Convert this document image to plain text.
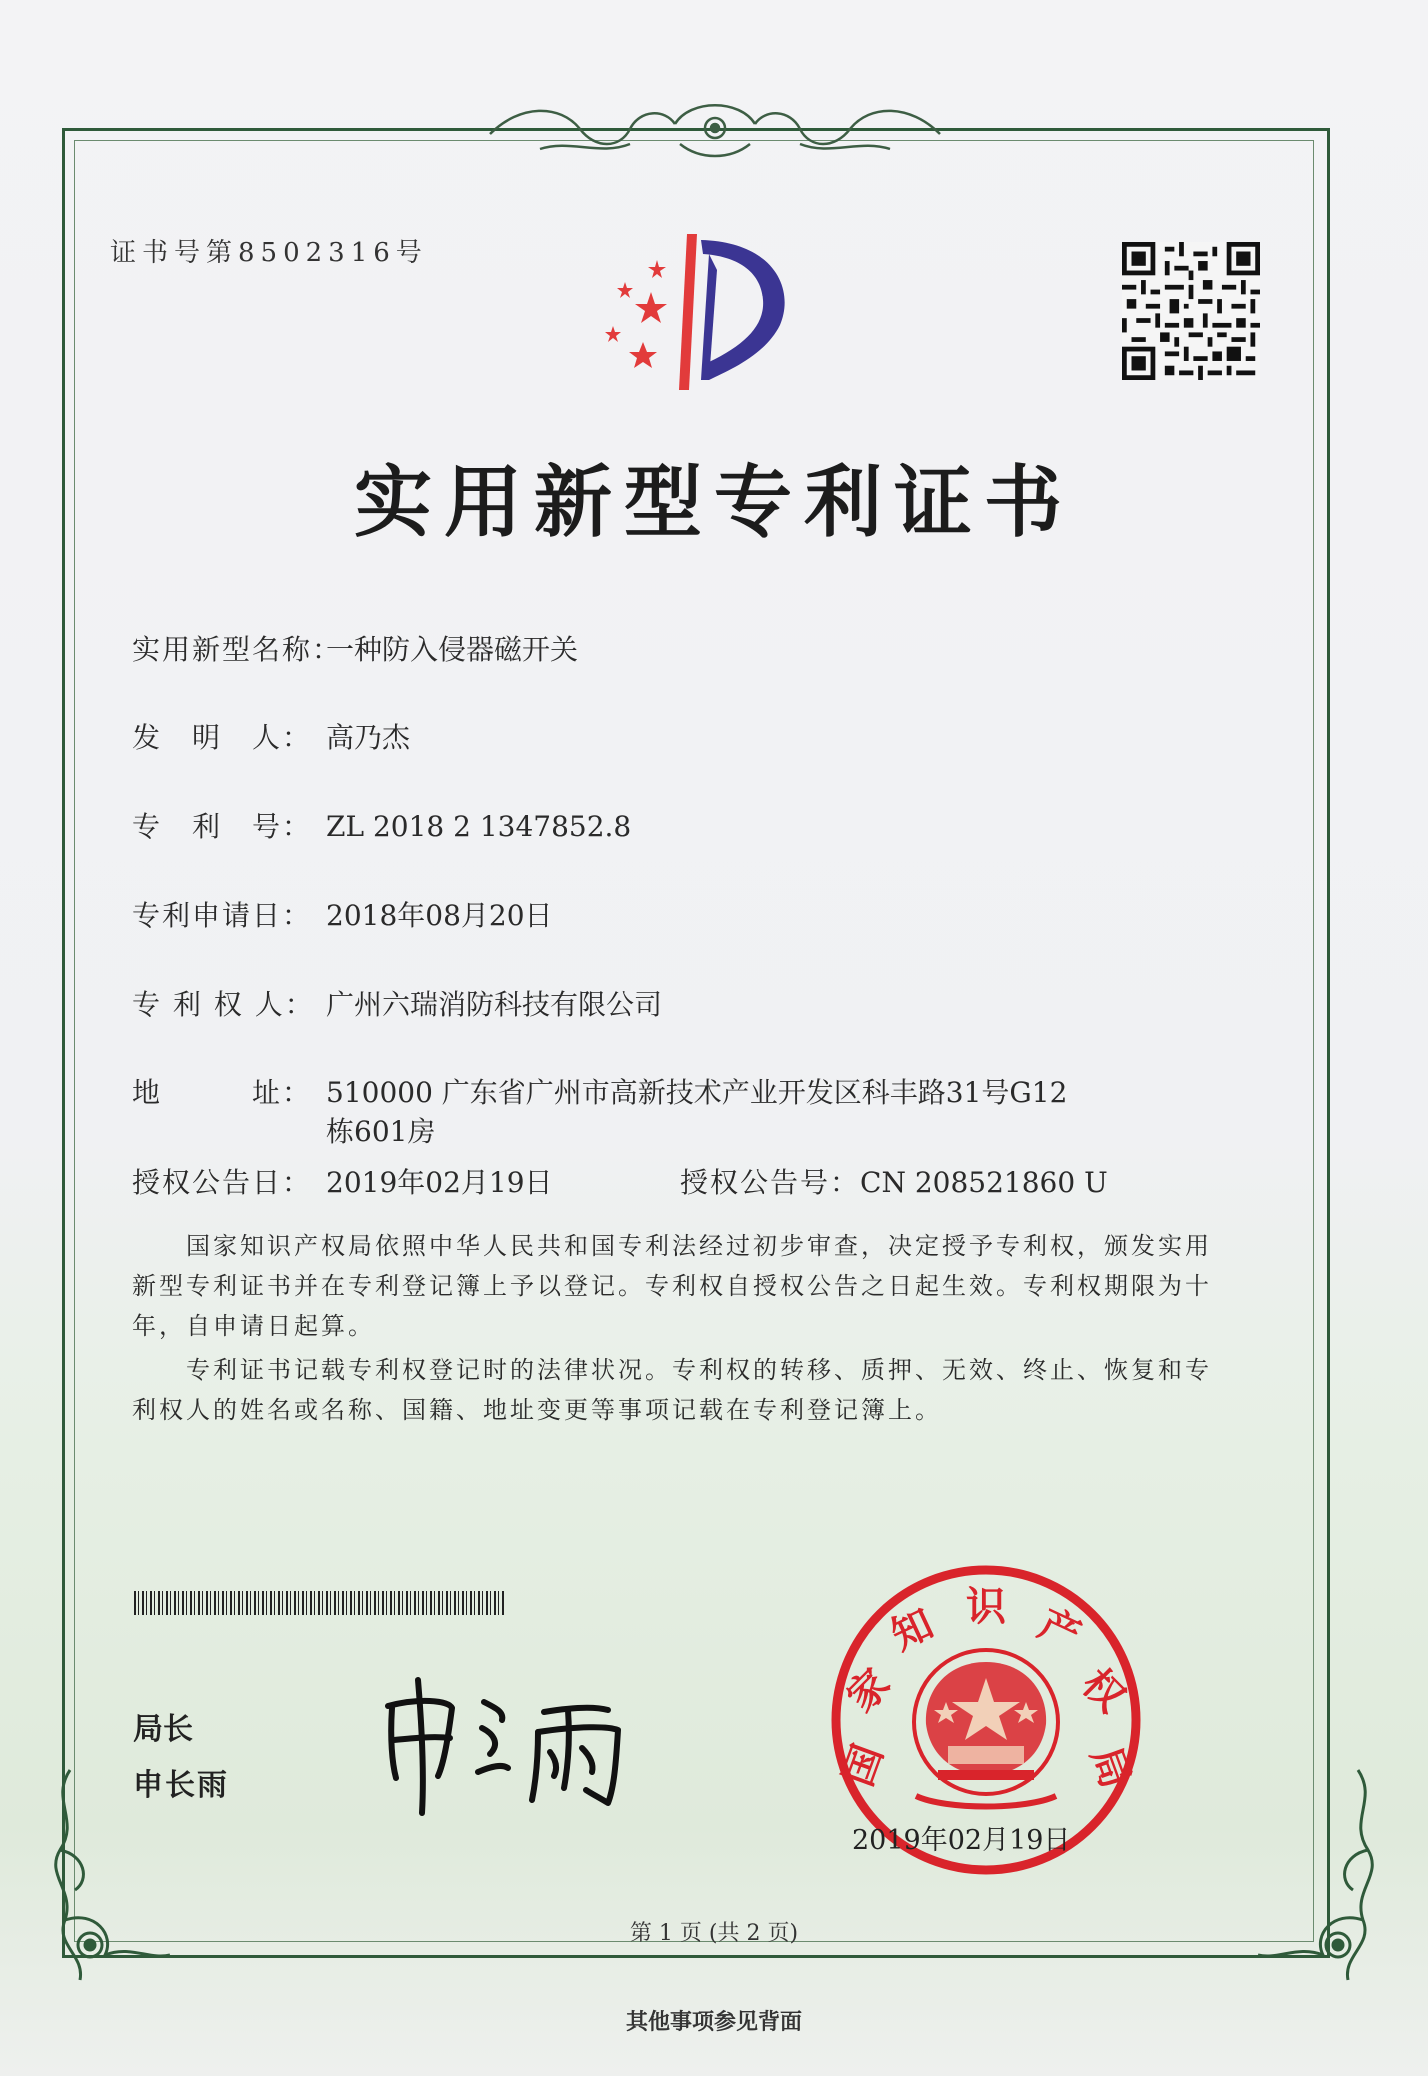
证书号第8502316号
实用新型专利证书
实用新型名称：一种防入侵器磁开关
发　明　人： 高乃杰
专　利　号： ZL 2018 2 1347852.8
专利申请日： 2018年08月20日
专 利 权 人： 广州六瑞消防科技有限公司
地　　　址： 510000 广东省广州市高新技术产业开发区科丰路31号G12
栋601房
授权公告日： 2019年02月19日	授权公告号：CN 208521860 U
　　国家知识产权局依照中华人民共和国专利法经过初步审查，决定授予专利权，颁发实用新型专利证书并在专利登记簿上予以登记。专利权自授权公告之日起生效。专利权期限为十年，自申请日起算。
　　专利证书记载专利权登记时的法律状况。专利权的转移、质押、无效、终止、恢复和专利权人的姓名或名称、国籍、地址变更等事项记载在专利登记簿上。
局长
申长雨	国
家
知 识 产
权
局
2019年02月19日
第 1 页 (共 2 页)
其他事项参见背面
